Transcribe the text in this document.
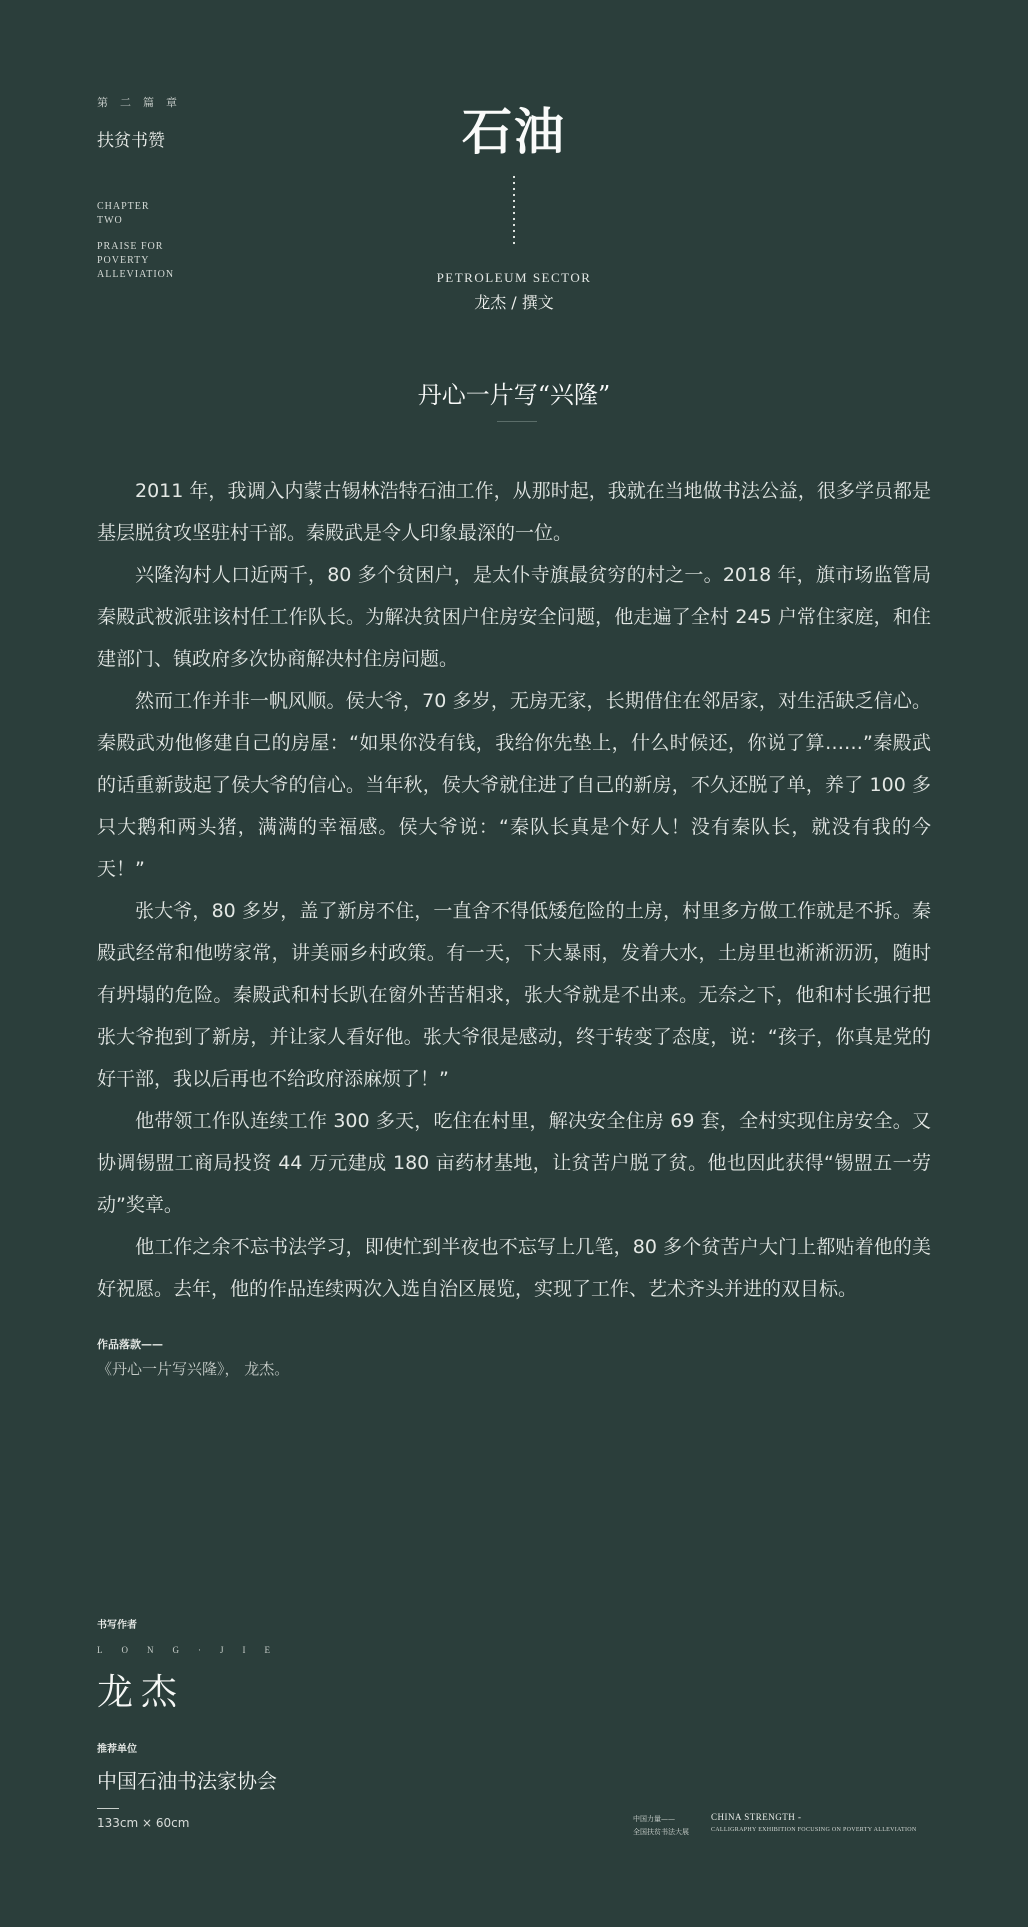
第二篇章
扶贫书赞
CHAPTER
TWO
PRAISE FOR
POVERTY
ALLEVIATION
石油
PETROLEUM SECTOR
龙杰 / 撰文
丹心一片写“兴隆”

2011 年，我调入内蒙古锡林浩特石油工作，从那时起，我就在当地做书法公益，很多学员都是基层脱贫攻坚驻村干部。秦殿武是令人印象最深的一位。

兴隆沟村人口近两千，80 多个贫困户，是太仆寺旗最贫穷的村之一。2018 年，旗市场监管局秦殿武被派驻该村任工作队长。为解决贫困户住房安全问题，他走遍了全村 245 户常住家庭，和住建部门、镇政府多次协商解决村住房问题。

然而工作并非一帆风顺。侯大爷，70 多岁，无房无家，长期借住在邻居家，对生活缺乏信心。秦殿武劝他修建自己的房屋：“如果你没有钱，我给你先垫上，什么时候还，你说了算……”秦殿武的话重新鼓起了侯大爷的信心。当年秋，侯大爷就住进了自己的新房，不久还脱了单，养了 100 多只大鹅和两头猪，满满的幸福感。侯大爷说：“秦队长真是个好人！没有秦队长，就没有我的今天！”

张大爷，80 多岁，盖了新房不住，一直舍不得低矮危险的土房，村里多方做工作就是不拆。秦殿武经常和他唠家常，讲美丽乡村政策。有一天，下大暴雨，发着大水，土房里也淅淅沥沥，随时有坍塌的危险。秦殿武和村长趴在窗外苦苦相求，张大爷就是不出来。无奈之下，他和村长强行把张大爷抱到了新房，并让家人看好他。张大爷很是感动，终于转变了态度，说：“孩子，你真是党的好干部，我以后再也不给政府添麻烦了！”

他带领工作队连续工作 300 多天，吃住在村里，解决安全住房 69 套，全村实现住房安全。又协调锡盟工商局投资 44 万元建成 180 亩药材基地，让贫苦户脱了贫。他也因此获得“锡盟五一劳动”奖章。

他工作之余不忘书法学习，即使忙到半夜也不忘写上几笔，80 多个贫苦户大门上都贴着他的美好祝愿。去年，他的作品连续两次入选自治区展览，实现了工作、艺术齐头并进的双目标。

作品落款——
《丹心一片写兴隆》， 龙杰。
书写作者
LONG·JIE
龙杰
推荐单位
中国石油书法家协会
133cm × 60cm	中国力量——
全国扶贫书法大展
CHINA STRENGTH -
CALLIGRAPHY EXHIBITION FOCUSING ON POVERTY ALLEVIATION
